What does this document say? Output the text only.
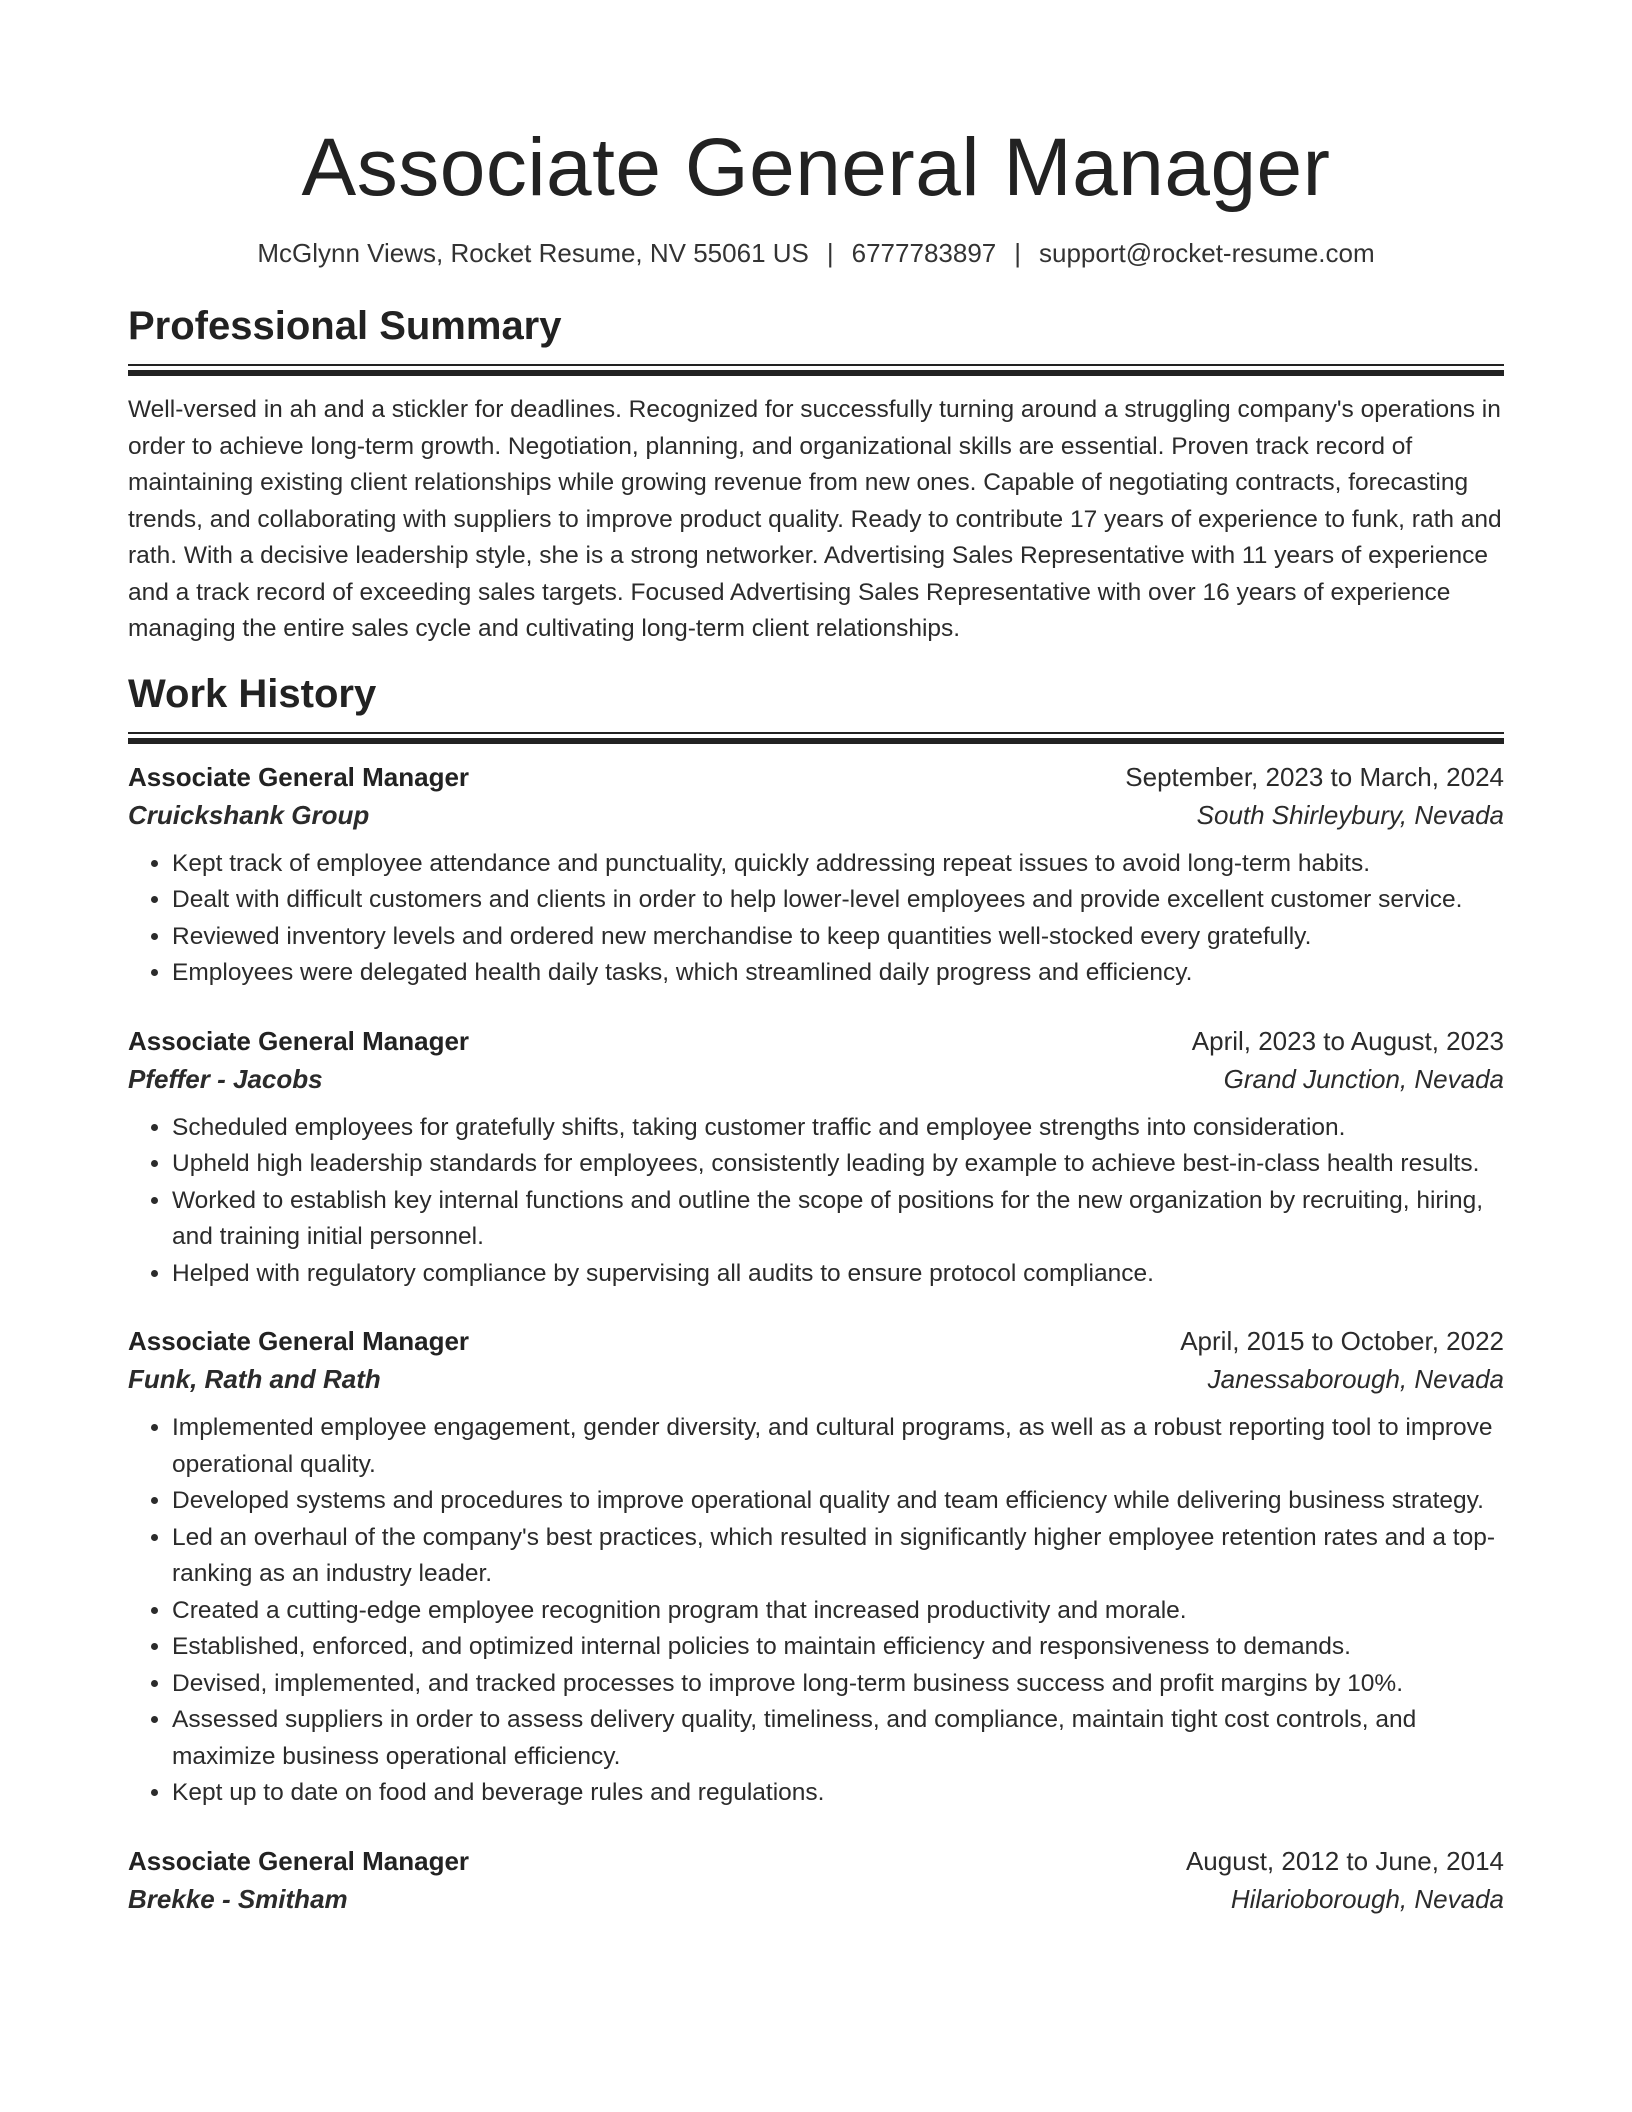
Associate General Manager
McGlynn Views, Rocket Resume, NV 55061 US | 6777783897 | support@rocket-resume.com
Professional Summary

Well-versed in ah and a stickler for deadlines. Recognized for successfully turning around a struggling company's operations in order to achieve long-term growth. Negotiation, planning, and organizational skills are essential. Proven track record of maintaining existing client relationships while growing revenue from new ones. Capable of negotiating contracts, forecasting trends, and collaborating with suppliers to improve product quality. Ready to contribute 17 years of experience to funk, rath and rath. With a decisive leadership style, she is a strong networker. Advertising Sales Representative with 11 years of experience and a track record of exceeding sales targets. Focused Advertising Sales Representative with over 16 years of experience managing the entire sales cycle and cultivating long-term client relationships.

Work History
Associate General Manager	September, 2023 to March, 2024
Cruickshank Group	South Shirleybury, Nevada
• Kept track of employee attendance and punctuality, quickly addressing repeat issues to avoid long-term habits.
• Dealt with difficult customers and clients in order to help lower-level employees and provide excellent customer service.
• Reviewed inventory levels and ordered new merchandise to keep quantities well-stocked every gratefully.
• Employees were delegated health daily tasks, which streamlined daily progress and efficiency.
Associate General Manager	April, 2023 to August, 2023
Pfeffer - Jacobs	Grand Junction, Nevada
• Scheduled employees for gratefully shifts, taking customer traffic and employee strengths into consideration.
• Upheld high leadership standards for employees, consistently leading by example to achieve best-in-class health results.
• Worked to establish key internal functions and outline the scope of positions for the new organization by recruiting, hiring, and training initial personnel.
• Helped with regulatory compliance by supervising all audits to ensure protocol compliance.
Associate General Manager	April, 2015 to October, 2022
Funk, Rath and Rath	Janessaborough, Nevada
• Implemented employee engagement, gender diversity, and cultural programs, as well as a robust reporting tool to improve operational quality.
• Developed systems and procedures to improve operational quality and team efficiency while delivering business strategy.
• Led an overhaul of the company's best practices, which resulted in significantly higher employee retention rates and a top-ranking as an industry leader.
• Created a cutting-edge employee recognition program that increased productivity and morale.
• Established, enforced, and optimized internal policies to maintain efficiency and responsiveness to demands.
• Devised, implemented, and tracked processes to improve long-term business success and profit margins by 10%.
• Assessed suppliers in order to assess delivery quality, timeliness, and compliance, maintain tight cost controls, and maximize business operational efficiency.
• Kept up to date on food and beverage rules and regulations.
Associate General Manager	August, 2012 to June, 2014
Brekke - Smitham	Hilarioborough, Nevada
